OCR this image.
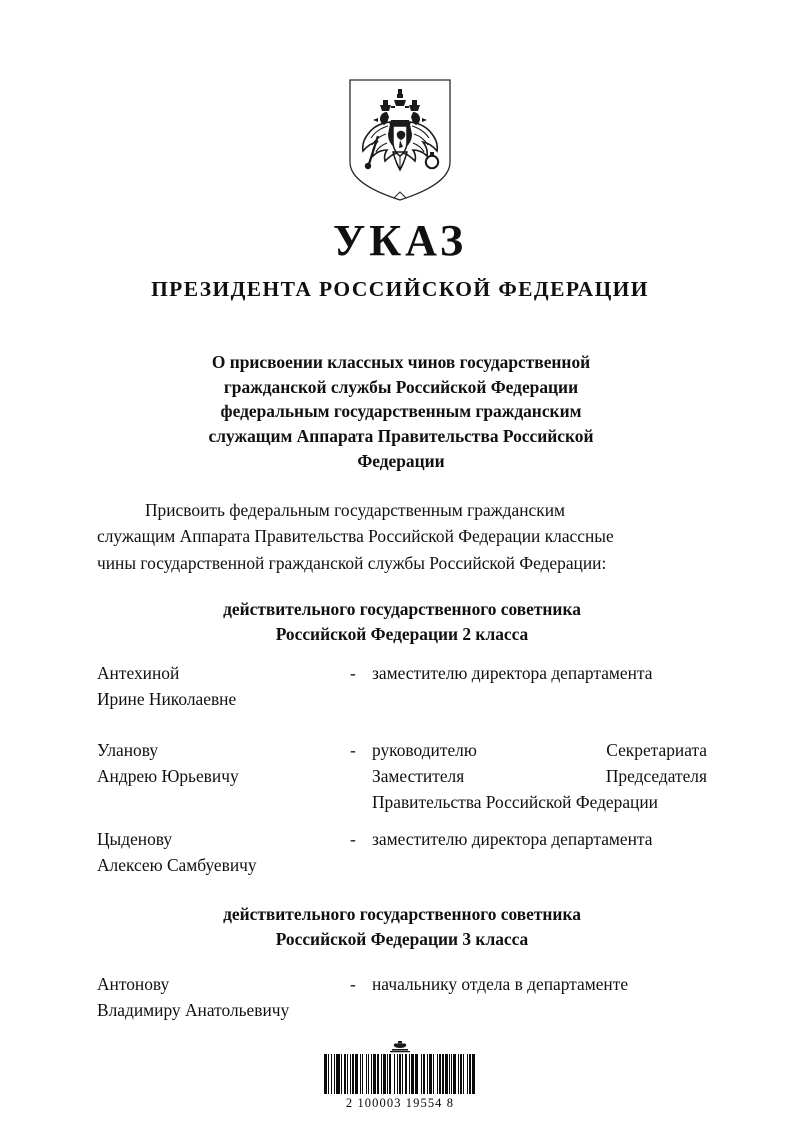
УКАЗ
ПРЕЗИДЕНТА РОССИЙСКОЙ ФЕДЕРАЦИИ
О присвоении классных чинов государственной
гражданской службы Российской Федерации
федеральным государственным гражданским
служащим Аппарата Правительства Российской
Федерации
Присвоить федеральным государственным гражданским
служащим Аппарата Правительства Российской Федерации классные
чины государственной гражданской службы Российской Федерации:
действительного государственного советника
Российской Федерации 2 класса
Антехиной
Ирине Николаевне
- заместителю директора департамента
Уланову
Андрею Юрьевичу
- руководителю	Секретариата
Заместителя	Председателя
Правительства Российской Федерации
Цыденову
Алексею Самбуевичу
- заместителю директора департамента
действительного государственного советника
Российской Федерации 3 класса
Антонову
Владимиру Анатольевичу
- начальнику отдела в департаменте
2 100003 19554 8
